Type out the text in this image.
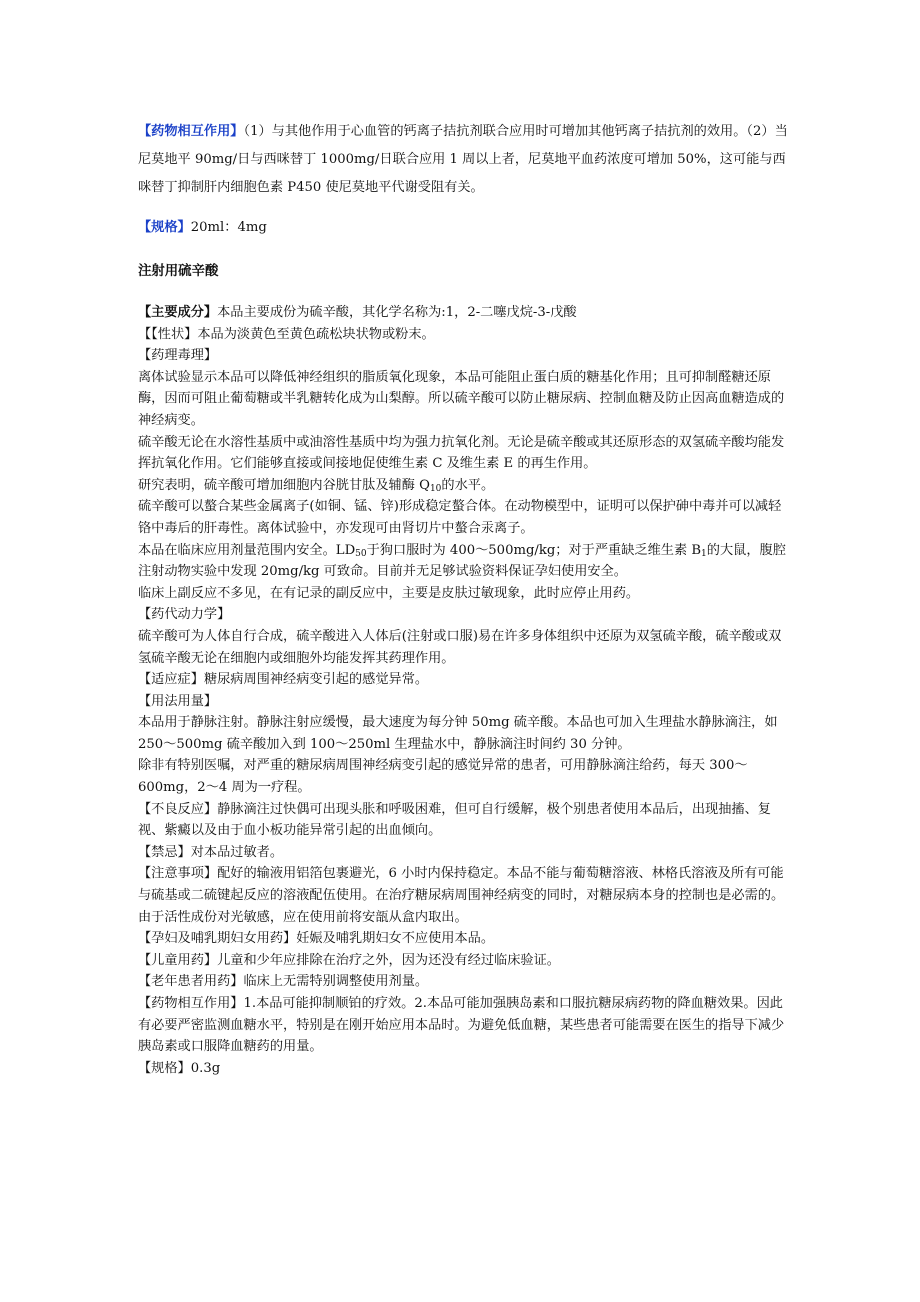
【药物相互作用】（1）与其他作用于心血管的钙离子拮抗剂联合应用时可增加其他钙离子拮抗剂的效用。（2）当尼莫地平 90mg/日与西咪替丁 1000mg/日联合应用 1 周以上者，尼莫地平血药浓度可增加 50%，这可能与西咪替丁抑制肝内细胞色素 P450 使尼莫地平代谢受阻有关。

【规格】20ml：4mg

注射用硫辛酸

【主要成分】本品主要成份为硫辛酸，其化学名称为:1，2-二噻戊烷-3-戊酸

【【性状】本品为淡黄色至黄色疏松块状物或粉末。

【药理毒理】

离体试验显示本品可以降低神经组织的脂质氧化现象，本品可能阻止蛋白质的糖基化作用；且可抑制醛糖还原酶，因而可阻止葡萄糖或半乳糖转化成为山梨醇。所以硫辛酸可以防止糖尿病、控制血糖及防止因高血糖造成的神经病变。

硫辛酸无论在水溶性基质中或油溶性基质中均为强力抗氧化剂。无论是硫辛酸或其还原形态的双氢硫辛酸均能发挥抗氧化作用。它们能够直接或间接地促使维生素 C 及维生素 E 的再生作用。

研究表明，硫辛酸可增加细胞内谷胱甘肽及辅酶 $Q_{10}$的水平。

硫辛酸可以螯合某些金属离子(如铜、锰、锌)形成稳定螯合体。在动物模型中，证明可以保护砷中毒并可以减轻铬中毒后的肝毒性。离体试验中，亦发现可由肾切片中螯合汞离子。

本品在临床应用剂量范围内安全。$LD_{50}$于狗口服时为 400～500mg/kg；对于严重缺乏维生素 $B_1$的大鼠，腹腔注射动物实验中发现 20mg/kg 可致命。目前并无足够试验资料保证孕妇使用安全。

临床上副反应不多见，在有记录的副反应中，主要是皮肤过敏现象，此时应停止用药。

【药代动力学】

硫辛酸可为人体自行合成，硫辛酸进入人体后(注射或口服)易在许多身体组织中还原为双氢硫辛酸，硫辛酸或双氢硫辛酸无论在细胞内或细胞外均能发挥其药理作用。

【适应症】糖尿病周围神经病变引起的感觉异常。

【用法用量】

本品用于静脉注射。静脉注射应缓慢，最大速度为每分钟 50mg 硫辛酸。本品也可加入生理盐水静脉滴注，如 250～500mg 硫辛酸加入到 100～250ml 生理盐水中，静脉滴注时间约 30 分钟。

除非有特别医嘱，对严重的糖尿病周围神经病变引起的感觉异常的患者，可用静脉滴注给药，每天 300～600mg，2～4 周为一疗程。

【不良反应】静脉滴注过快偶可出现头胀和呼吸困难，但可自行缓解，极个别患者使用本品后，出现抽搐、复视、紫癜以及由于血小板功能异常引起的出血倾向。

【禁忌】对本品过敏者。

【注意事项】配好的输液用铝箔包裹避光，6 小时内保持稳定。本品不能与葡萄糖溶液、林格氏溶液及所有可能与硫基或二硫键起反应的溶液配伍使用。在治疗糖尿病周围神经病变的同时，对糖尿病本身的控制也是必需的。由于活性成份对光敏感，应在使用前将安瓿从盒内取出。

【孕妇及哺乳期妇女用药】妊娠及哺乳期妇女不应使用本品。

【儿童用药】儿童和少年应排除在治疗之外，因为还没有经过临床验证。

【老年患者用药】临床上无需特别调整使用剂量。

【药物相互作用】1.本品可能抑制顺铂的疗效。2.本品可能加强胰岛素和口服抗糖尿病药物的降血糖效果。因此有必要严密监测血糖水平，特别是在刚开始应用本品时。为避免低血糖，某些患者可能需要在医生的指导下减少胰岛素或口服降血糖药的用量。

【规格】0.3g
